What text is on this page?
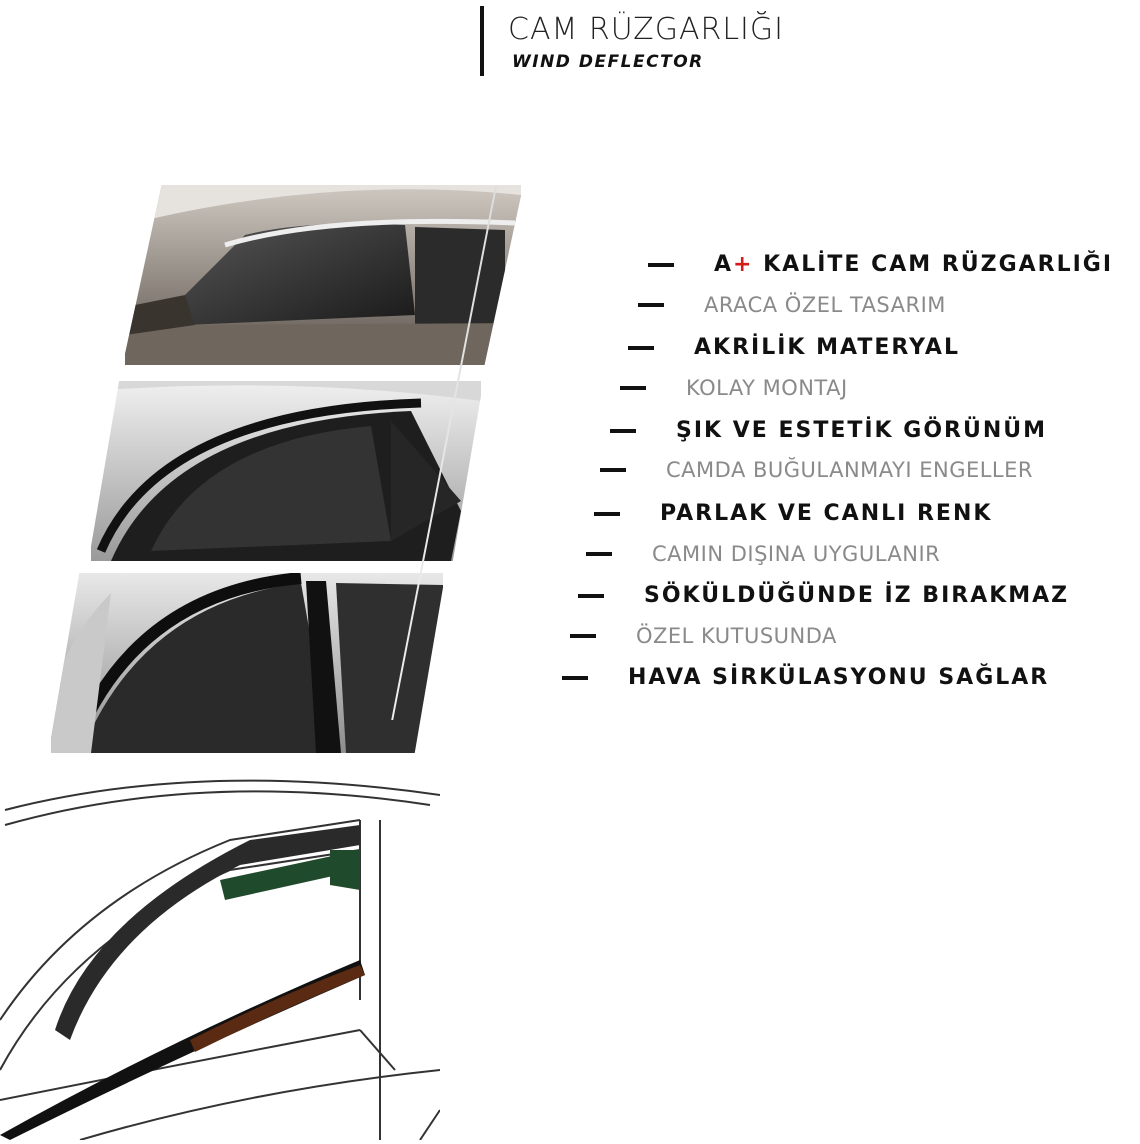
CAM RÜZGARLIĞI
WIND DEFLECTOR
A+ KALİTE CAM RÜZGARLIĞI
ARACA ÖZEL TASARIM
AKRİLİK MATERYAL
KOLAY MONTAJ
ŞIK VE ESTETİK GÖRÜNÜM
CAMDA BUĞULANMAYI ENGELLER
PARLAK VE CANLI RENK
CAMIN DIŞINA UYGULANIR
SÖKÜLDÜĞÜNDE İZ BIRAKMAZ
ÖZEL KUTUSUNDA
HAVA SİRKÜLASYONU SAĞLAR
